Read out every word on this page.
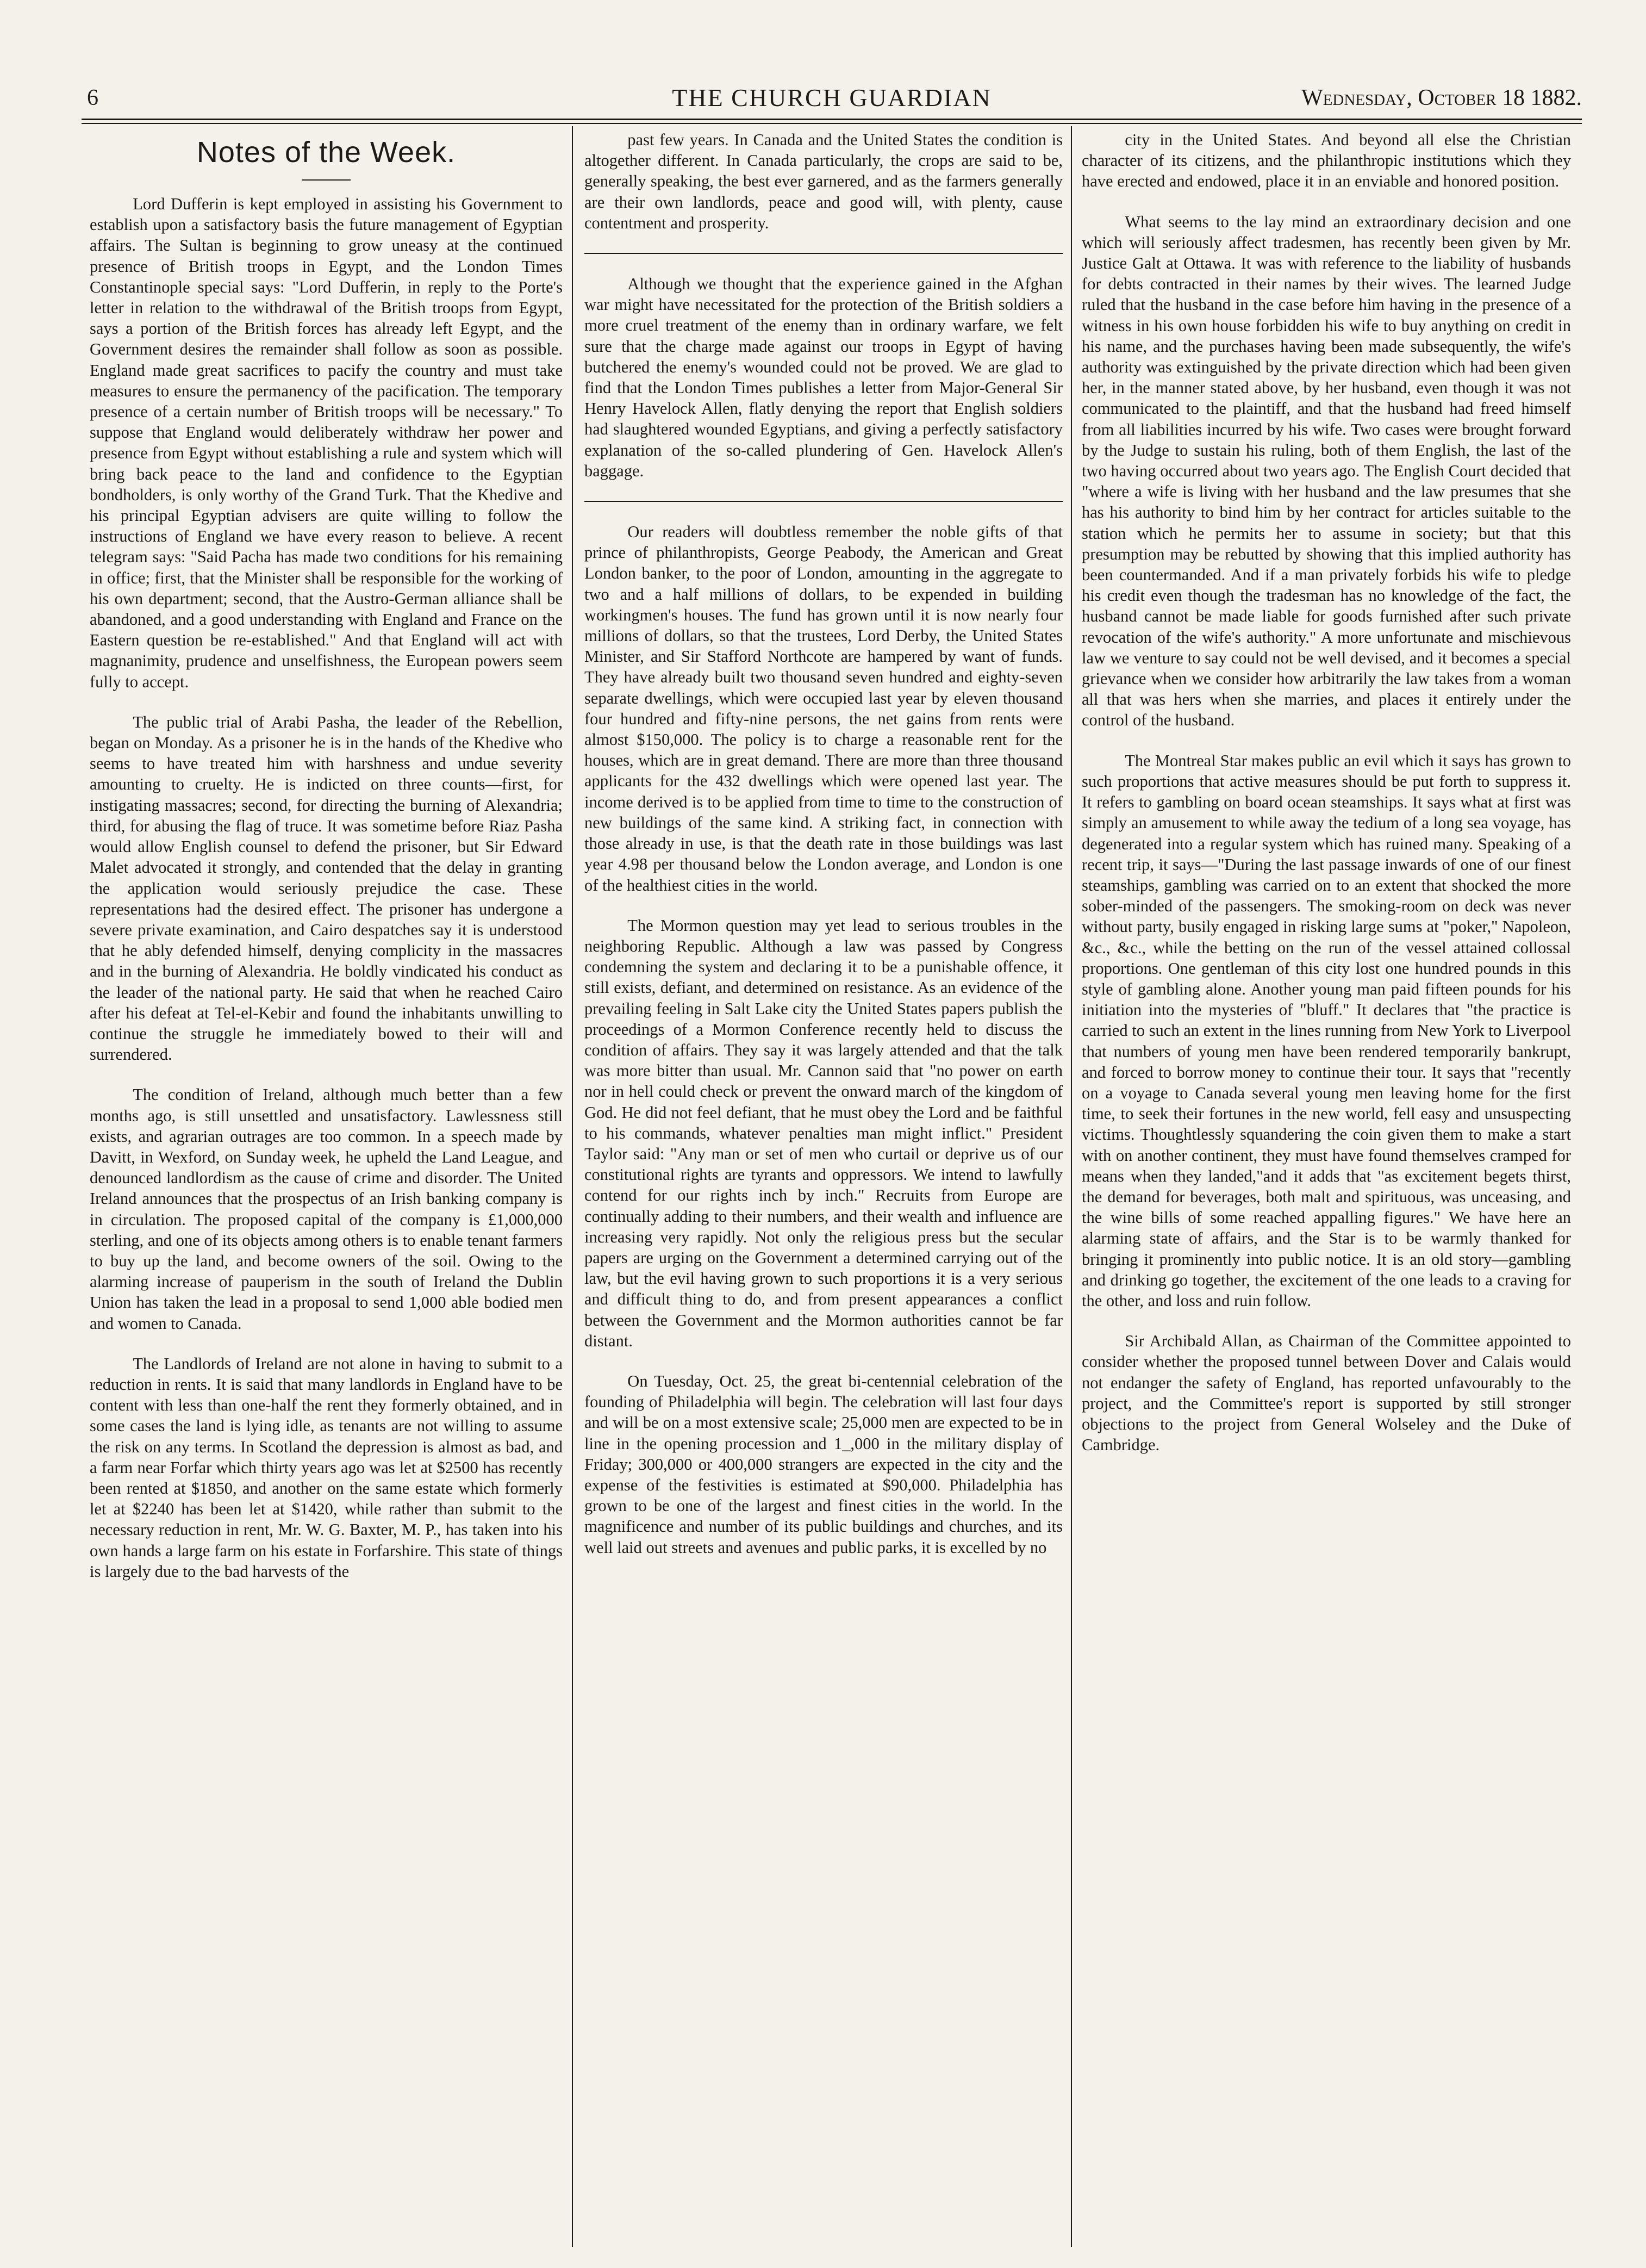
6	THE CHURCH GUARDIAN	Wednesday, October 18 1882.
Notes of the Week.

Lord Dufferin is kept employed in assisting his Government to establish upon a satisfactory basis the future management of Egyptian affairs. The Sultan is beginning to grow uneasy at the continued presence of British troops in Egypt, and the London Times Constantinople special says: "Lord Dufferin, in reply to the Porte's letter in relation to the withdrawal of the British troops from Egypt, says a portion of the British forces has already left Egypt, and the Government desires the remainder shall follow as soon as possible. England made great sacrifices to pacify the country and must take measures to ensure the permanency of the pacification. The temporary presence of a certain number of British troops will be necessary." To suppose that England would deliberately withdraw her power and presence from Egypt without establishing a rule and system which will bring back peace to the land and confidence to the Egyptian bondholders, is only worthy of the Grand Turk. That the Khedive and his principal Egyptian advisers are quite willing to follow the instructions of England we have every reason to believe. A recent telegram says: "Said Pacha has made two conditions for his remaining in office; first, that the Minister shall be responsible for the working of his own department; second, that the Austro-German alliance shall be abandoned, and a good understanding with England and France on the Eastern question be re-established." And that England will act with magnanimity, prudence and unselfishness, the European powers seem fully to accept.

The public trial of Arabi Pasha, the leader of the Rebellion, began on Monday. As a prisoner he is in the hands of the Khedive who seems to have treated him with harshness and undue severity amounting to cruelty. He is indicted on three counts—first, for instigating massacres; second, for directing the burning of Alexandria; third, for abusing the flag of truce. It was sometime before Riaz Pasha would allow English counsel to defend the prisoner, but Sir Edward Malet advocated it strongly, and contended that the delay in granting the application would seriously prejudice the case. These representations had the desired effect. The prisoner has undergone a severe private examination, and Cairo despatches say it is understood that he ably defended himself, denying complicity in the massacres and in the burning of Alexandria. He boldly vindicated his conduct as the leader of the national party. He said that when he reached Cairo after his defeat at Tel-el-Kebir and found the inhabitants unwilling to continue the struggle he immediately bowed to their will and surrendered.

The condition of Ireland, although much better than a few months ago, is still unsettled and unsatisfactory. Lawlessness still exists, and agrarian outrages are too common. In a speech made by Davitt, in Wexford, on Sunday week, he upheld the Land League, and denounced landlordism as the cause of crime and disorder. The United Ireland announces that the prospectus of an Irish banking company is in circulation. The proposed capital of the company is £1,000,000 sterling, and one of its objects among others is to enable tenant farmers to buy up the land, and become owners of the soil. Owing to the alarming increase of pauperism in the south of Ireland the Dublin Union has taken the lead in a proposal to send 1,000 able bodied men and women to Canada.

The Landlords of Ireland are not alone in having to submit to a reduction in rents. It is said that many landlords in England have to be content with less than one-half the rent they formerly obtained, and in some cases the land is lying idle, as tenants are not willing to assume the risk on any terms. In Scotland the depression is almost as bad, and a farm near Forfar which thirty years ago was let at $2500 has recently been rented at $1850, and another on the same estate which formerly let at $2240 has been let at $1420, while rather than submit to the necessary reduction in rent, Mr. W. G. Baxter, M. P., has taken into his own hands a large farm on his estate in Forfarshire. This state of things is largely due to the bad harvests of the

past few years. In Canada and the United States the condition is altogether different. In Canada particularly, the crops are said to be, generally speaking, the best ever garnered, and as the farmers generally are their own landlords, peace and good will, with plenty, cause contentment and prosperity.

Although we thought that the experience gained in the Afghan war might have necessitated for the protection of the British soldiers a more cruel treatment of the enemy than in ordinary warfare, we felt sure that the charge made against our troops in Egypt of having butchered the enemy's wounded could not be proved. We are glad to find that the London Times publishes a letter from Major-General Sir Henry Havelock Allen, flatly denying the report that English soldiers had slaughtered wounded Egyptians, and giving a perfectly satisfactory explanation of the so-called plundering of Gen. Havelock Allen's baggage.

Our readers will doubtless remember the noble gifts of that prince of philanthropists, George Peabody, the American and Great London banker, to the poor of London, amounting in the aggregate to two and a half millions of dollars, to be expended in building workingmen's houses. The fund has grown until it is now nearly four millions of dollars, so that the trustees, Lord Derby, the United States Minister, and Sir Stafford Northcote are hampered by want of funds. They have already built two thousand seven hundred and eighty-seven separate dwellings, which were occupied last year by eleven thousand four hundred and fifty-nine persons, the net gains from rents were almost $150,000. The policy is to charge a reasonable rent for the houses, which are in great demand. There are more than three thousand applicants for the 432 dwellings which were opened last year. The income derived is to be applied from time to time to the construction of new buildings of the same kind. A striking fact, in connection with those already in use, is that the death rate in those buildings was last year 4.98 per thousand below the London average, and London is one of the healthiest cities in the world.

The Mormon question may yet lead to serious troubles in the neighboring Republic. Although a law was passed by Congress condemning the system and declaring it to be a punishable offence, it still exists, defiant, and determined on resistance. As an evidence of the prevailing feeling in Salt Lake city the United States papers publish the proceedings of a Mormon Conference recently held to discuss the condition of affairs. They say it was largely attended and that the talk was more bitter than usual. Mr. Cannon said that "no power on earth nor in hell could check or prevent the onward march of the kingdom of God. He did not feel defiant, that he must obey the Lord and be faithful to his commands, whatever penalties man might inflict." President Taylor said: "Any man or set of men who curtail or deprive us of our constitutional rights are tyrants and oppressors. We intend to lawfully contend for our rights inch by inch." Recruits from Europe are continually adding to their numbers, and their wealth and influence are increasing very rapidly. Not only the religious press but the secular papers are urging on the Government a determined carrying out of the law, but the evil having grown to such proportions it is a very serious and difficult thing to do, and from present appearances a conflict between the Government and the Mormon authorities cannot be far distant.

On Tuesday, Oct. 25, the great bi-centennial celebration of the founding of Philadelphia will begin. The celebration will last four days and will be on a most extensive scale; 25,000 men are expected to be in line in the opening procession and 1_,000 in the military display of Friday; 300,000 or 400,000 strangers are expected in the city and the expense of the festivities is estimated at $90,000. Philadelphia has grown to be one of the largest and finest cities in the world. In the magnificence and number of its public buildings and churches, and its well laid out streets and avenues and public parks, it is excelled by no

city in the United States. And beyond all else the Christian character of its citizens, and the philanthropic institutions which they have erected and endowed, place it in an enviable and honored position.

What seems to the lay mind an extraordinary decision and one which will seriously affect tradesmen, has recently been given by Mr. Justice Galt at Ottawa. It was with reference to the liability of husbands for debts contracted in their names by their wives. The learned Judge ruled that the husband in the case before him having in the presence of a witness in his own house forbidden his wife to buy anything on credit in his name, and the purchases having been made subsequently, the wife's authority was extinguished by the private direction which had been given her, in the manner stated above, by her husband, even though it was not communicated to the plaintiff, and that the husband had freed himself from all liabilities incurred by his wife. Two cases were brought forward by the Judge to sustain his ruling, both of them English, the last of the two having occurred about two years ago. The English Court decided that "where a wife is living with her husband and the law presumes that she has his authority to bind him by her contract for articles suitable to the station which he permits her to assume in society; but that this presumption may be rebutted by showing that this implied authority has been countermanded. And if a man privately forbids his wife to pledge his credit even though the tradesman has no knowledge of the fact, the husband cannot be made liable for goods furnished after such private revocation of the wife's authority." A more unfortunate and mischievous law we venture to say could not be well devised, and it becomes a special grievance when we consider how arbitrarily the law takes from a woman all that was hers when she marries, and places it entirely under the control of the husband.

The Montreal Star makes public an evil which it says has grown to such proportions that active measures should be put forth to suppress it. It refers to gambling on board ocean steamships. It says what at first was simply an amusement to while away the tedium of a long sea voyage, has degenerated into a regular system which has ruined many. Speaking of a recent trip, it says—"During the last passage inwards of one of our finest steamships, gambling was carried on to an extent that shocked the more sober-minded of the passengers. The smoking-room on deck was never without party, busily engaged in risking large sums at "poker," Napoleon, &c., &c., while the betting on the run of the vessel attained collossal proportions. One gentleman of this city lost one hundred pounds in this style of gambling alone. Another young man paid fifteen pounds for his initiation into the mysteries of "bluff." It declares that "the practice is carried to such an extent in the lines running from New York to Liverpool that numbers of young men have been rendered temporarily bankrupt, and forced to borrow money to continue their tour. It says that "recently on a voyage to Canada several young men leaving home for the first time, to seek their fortunes in the new world, fell easy and unsuspecting victims. Thoughtlessly squandering the coin given them to make a start with on another continent, they must have found themselves cramped for means when they landed,"and it adds that "as excitement begets thirst, the demand for beverages, both malt and spirituous, was unceasing, and the wine bills of some reached appalling figures." We have here an alarming state of affairs, and the Star is to be warmly thanked for bringing it prominently into public notice. It is an old story—gambling and drinking go together, the excitement of the one leads to a craving for the other, and loss and ruin follow.

Sir Archibald Allan, as Chairman of the Committee appointed to consider whether the proposed tunnel between Dover and Calais would not endanger the safety of England, has reported unfavourably to the project, and the Committee's report is supported by still stronger objections to the project from General Wolseley and the Duke of Cambridge.
